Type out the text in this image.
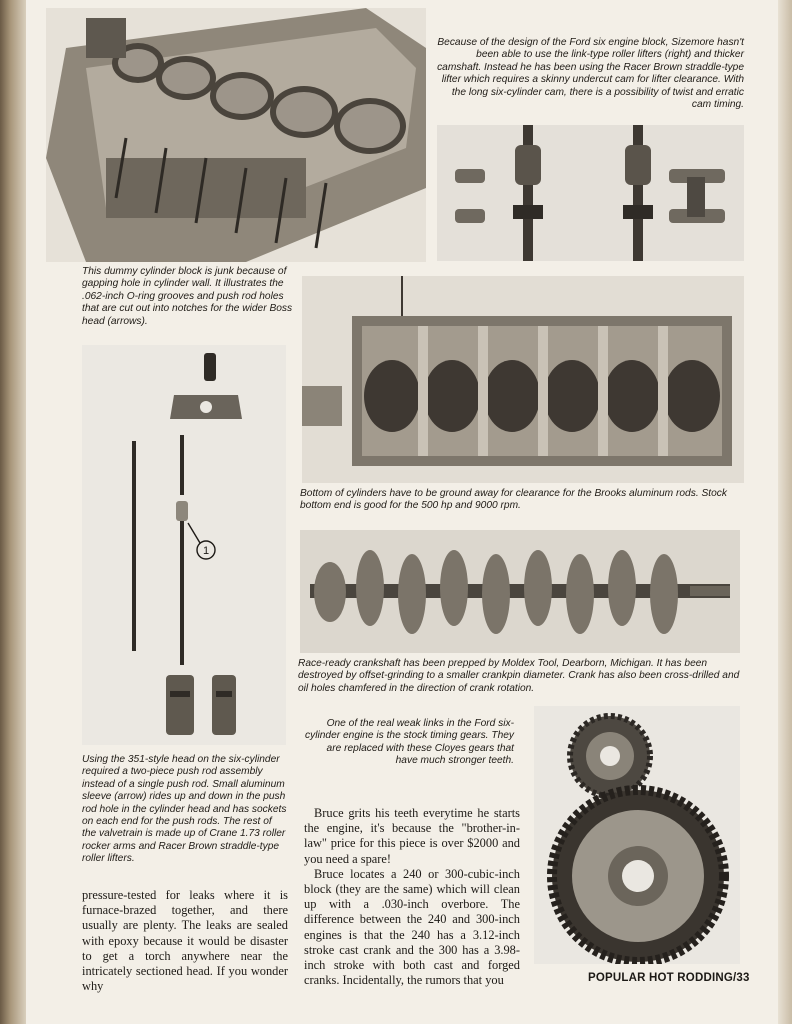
Because of the design of the Ford six engine block, Sizemore hasn't been able to use the link-type roller lifters (right) and thicker camshaft. Instead he has been using the Racer Brown straddle-type lifter which requires a skinny undercut cam for lifter clearance. With the long six-cylinder cam, there is a possibility of twist and erratic cam timing.
This dummy cylinder block is junk because of gapping hole in cylinder wall. It illustrates the .062-inch O-ring grooves and push rod holes that are cut out into notches for the wider Boss head (arrows).
1
Bottom of cylinders have to be ground away for clearance for the Brooks aluminum rods. Stock bottom end is good for the 500 hp and 9000 rpm.
Race-ready crankshaft has been prepped by Moldex Tool, Dearborn, Michigan. It has been destroyed by offset-grinding to a smaller crankpin diameter. Crank has also been cross-drilled and oil holes chamfered in the direction of crank rotation.
One of the real weak links in the Ford six-cylinder engine is the stock timing gears. They are replaced with these Cloyes gears that have much stronger teeth.
Using the 351-style head on the six-cylinder required a two-piece push rod assembly instead of a single push rod. Small aluminum sleeve (arrow) rides up and down in the push rod hole in the cylinder head and has sockets on each end for the push rods. The rest of the valvetrain is made up of Crane 1.73 roller rocker arms and Racer Brown straddle-type roller lifters.

pressure-tested for leaks where it is furnace-brazed together, and there usually are plenty. The leaks are sealed with epoxy because it would be disaster to get a torch anywhere near the intricately sectioned head. If you wonder why

Bruce grits his teeth everytime he starts the engine, it's because the "brother-in-law" price for this piece is over $2000 and you need a spare!

Bruce locates a 240 or 300-cubic-inch block (they are the same) which will clean up with a .030-inch overbore. The difference between the 240 and 300-inch engines is that the 240 has a 3.12-inch stroke cast crank and the 300 has a 3.98-inch stroke with both cast and forged cranks. Incidentally, the rumors that you	POPULAR HOT RODDING/33
